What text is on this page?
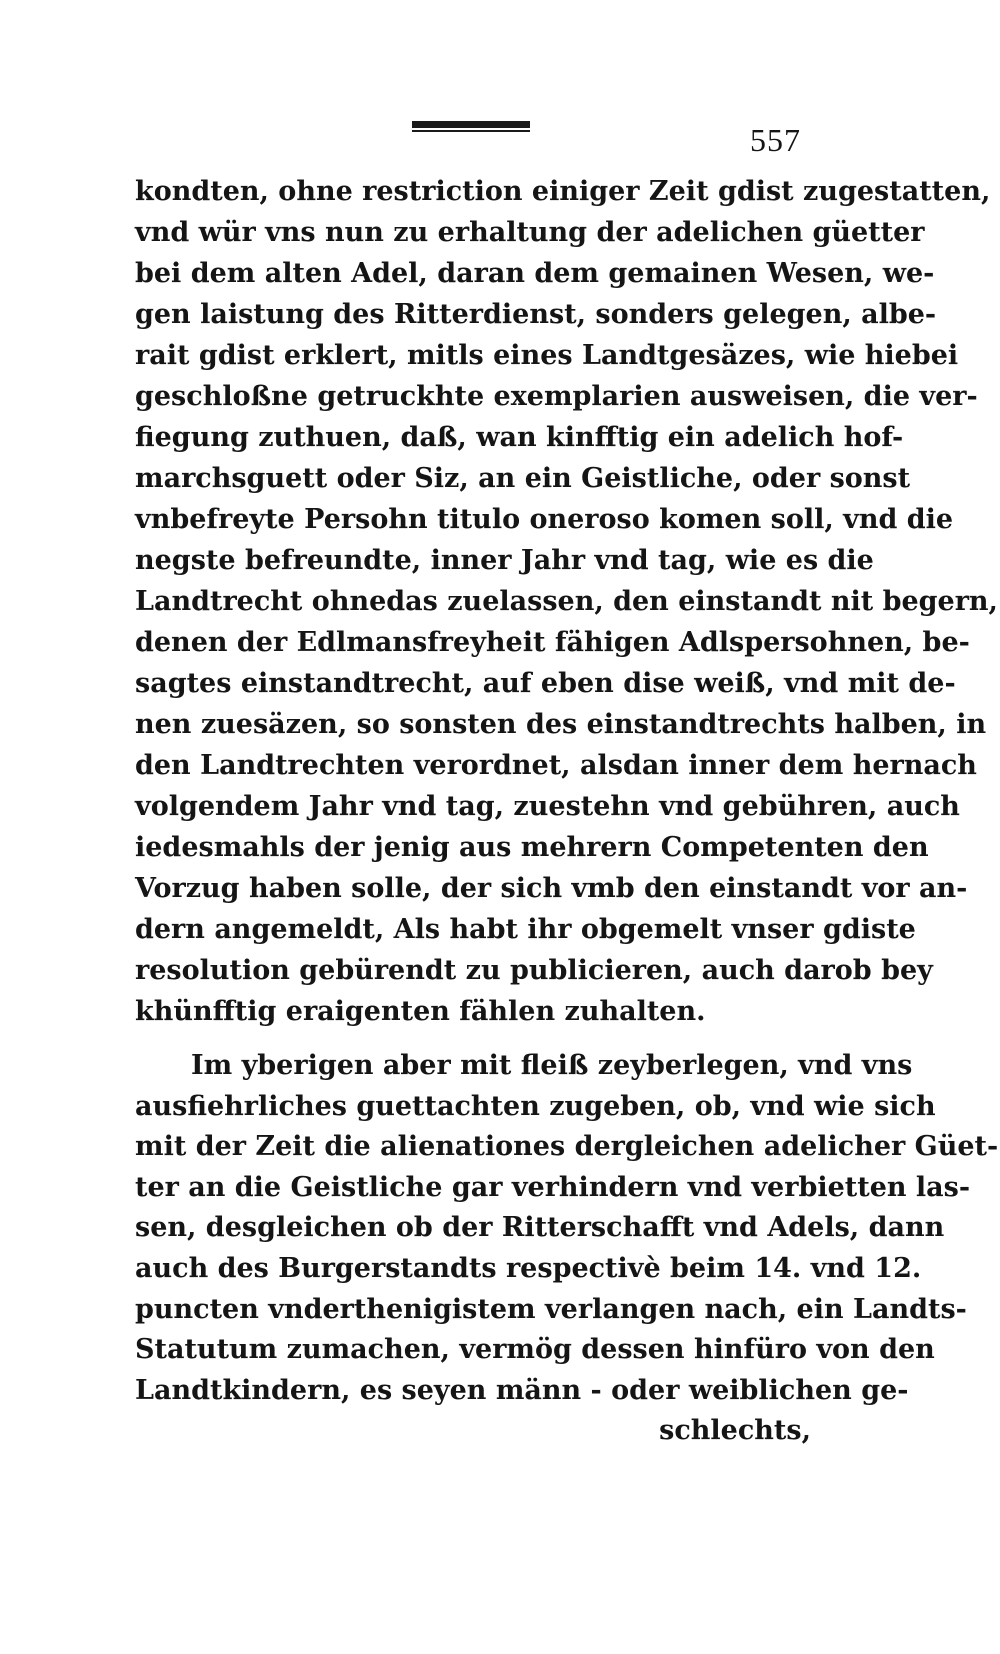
557
kondten, ohne restriction einiger Zeit gdist zugestatten,
vnd wür vns nun zu erhaltung der adelichen güetter
bei dem alten Adel, daran dem gemainen Wesen, we-
gen laistung des Ritterdienst, sonders gelegen, albe-
rait gdist erklert, mitls eines Landtgesäzes, wie hiebei
geschloßne getruckhte exemplarien ausweisen, die ver-
fiegung zuthuen, daß, wan kinfftig ein adelich hof-
marchsguett oder Siz, an ein Geistliche, oder sonst
vnbefreyte Persohn titulo oneroso komen soll, vnd die
negste befreundte, inner Jahr vnd tag, wie es die
Landtrecht ohnedas zuelassen, den einstandt nit begern,
denen der Edlmansfreyheit fähigen Adlspersohnen, be-
sagtes einstandtrecht, auf eben dise weiß, vnd mit de-
nen zuesäzen, so sonsten des einstandtrechts halben, in
den Landtrechten verordnet, alsdan inner dem hernach
volgendem Jahr vnd tag, zuestehn vnd gebühren, auch
iedesmahls der jenig aus mehrern Competenten den
Vorzug haben solle, der sich vmb den einstandt vor an-
dern angemeldt, Als habt ihr obgemelt vnser gdiste
resolution gebürendt zu publicieren, auch darob bey
khünfftig eraigenten fählen zuhalten.
Im yberigen aber mit fleiß zeyberlegen, vnd vns
ausfiehrliches guettachten zugeben, ob, vnd wie sich
mit der Zeit die alienationes dergleichen adelicher Güet-
ter an die Geistliche gar verhindern vnd verbietten las-
sen, desgleichen ob der Ritterschafft vnd Adels, dann
auch des Burgerstandts respectivè beim 14. vnd 12.
puncten vnderthenigistem verlangen nach, ein Landts-
Statutum zumachen, vermög dessen hinfüro von den
Landtkindern, es seyen männ - oder weiblichen ge-
schlechts,
